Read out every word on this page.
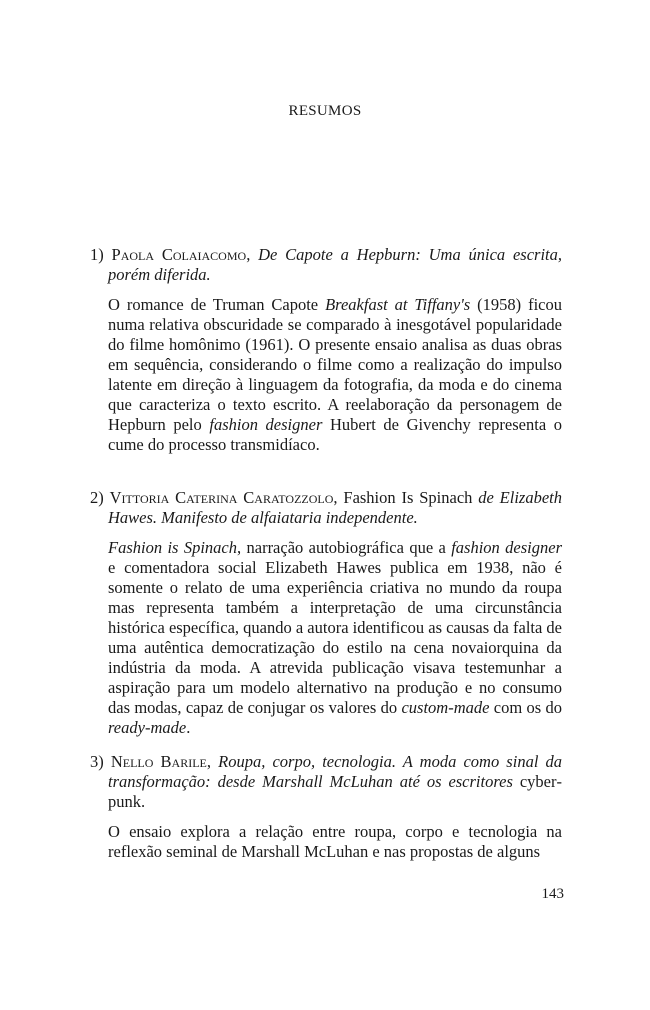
RESUMOS

1) Paola Colaiacomo, De Capote a Hepburn: Uma única escrita, porém diferida.

O romance de Truman Capote Breakfast at Tiffany's (1958) ficou numa relativa obscuridade se comparado à inesgotável popularidade do filme homônimo (1961). O presente ensaio analisa as duas obras em sequência, considerando o filme como a realização do impulso latente em direção à linguagem da fotografia, da moda e do cinema que caracteriza o texto escrito. A reelaboração da personagem de Hepburn pelo fashion designer Hubert de Givenchy representa o cume do processo transmidíaco.

2) Vittoria Caterina Caratozzolo, Fashion Is Spinach de Elizabeth Hawes. Manifesto de alfaiataria independente.

Fashion is Spinach, narração autobiográfica que a fashion designer e comentadora social Elizabeth Hawes publica em 1938, não é somente o relato de uma experiência criativa no mundo da roupa mas representa também a interpretação de uma circunstância histórica específica, quando a autora identificou as causas da falta de uma autêntica democratização do estilo na cena novaiorquina da indústria da moda. A atrevida publicação visava testemunhar a aspiração para um modelo alternativo na produção e no consumo das modas, capaz de conjugar os valores do custom-made com os do ready-made.

3) Nello Barile, Roupa, corpo, tecnologia. A moda como sinal da transformação: desde Marshall McLuhan até os escritores cyberpunk.

O ensaio explora a relação entre roupa, corpo e tecnologia na reflexão seminal de Marshall McLuhan e nas propostas de alguns

143
